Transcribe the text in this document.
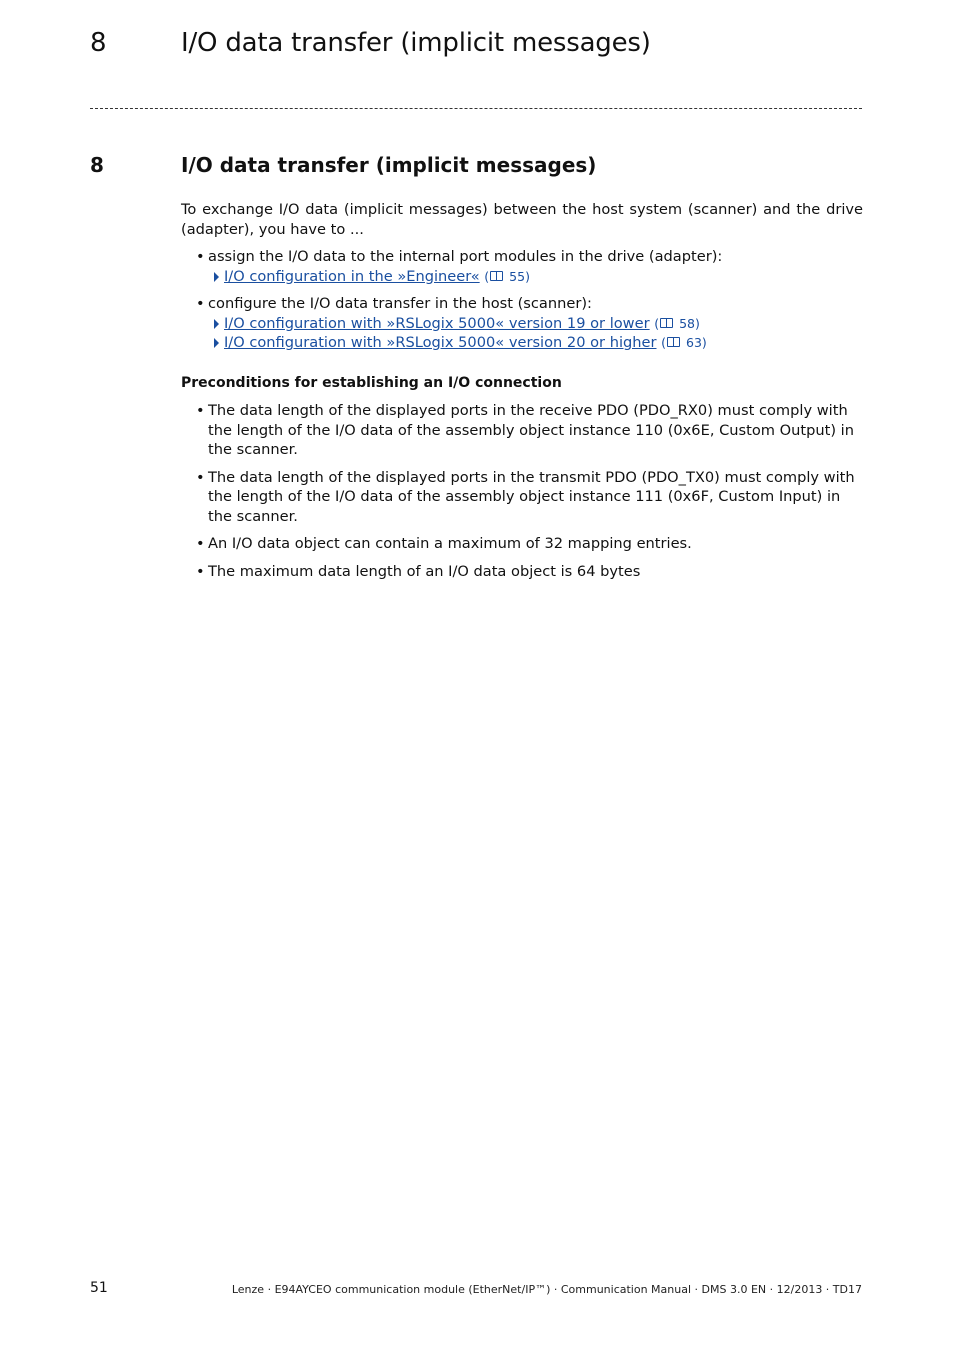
8	I/O data transfer (implicit messages)
8	I/O data transfer (implicit messages)

To exchange I/O data (implicit messages) between the host system (scanner) and the drive (adapter), you have to ...

• assign the I/O data to the internal port modules in the drive (adapter):
I/O configuration in the »Engineer« ( 55)
• configure the I/O data transfer in the host (scanner):
I/O configuration with »RSLogix 5000« version 19 or lower ( 58)
I/O configuration with »RSLogix 5000« version 20 or higher ( 63)
Preconditions for establishing an I/O connection
• The data length of the displayed ports in the receive PDO (PDO_RX0) must comply with the length of the I/O data of the assembly object instance 110 (0x6E, Custom Output) in the scanner.
• The data length of the displayed ports in the transmit PDO (PDO_TX0) must comply with the length of the I/O data of the assembly object instance 111 (0x6F, Custom Input) in the scanner.
• An I/O data object can contain a maximum of 32 mapping entries.
• The maximum data length of an I/O data object is 64 bytes
51	Lenze · E94AYCEO communication module (EtherNet/IP™) · Communication Manual · DMS 3.0 EN · 12/2013 · TD17
